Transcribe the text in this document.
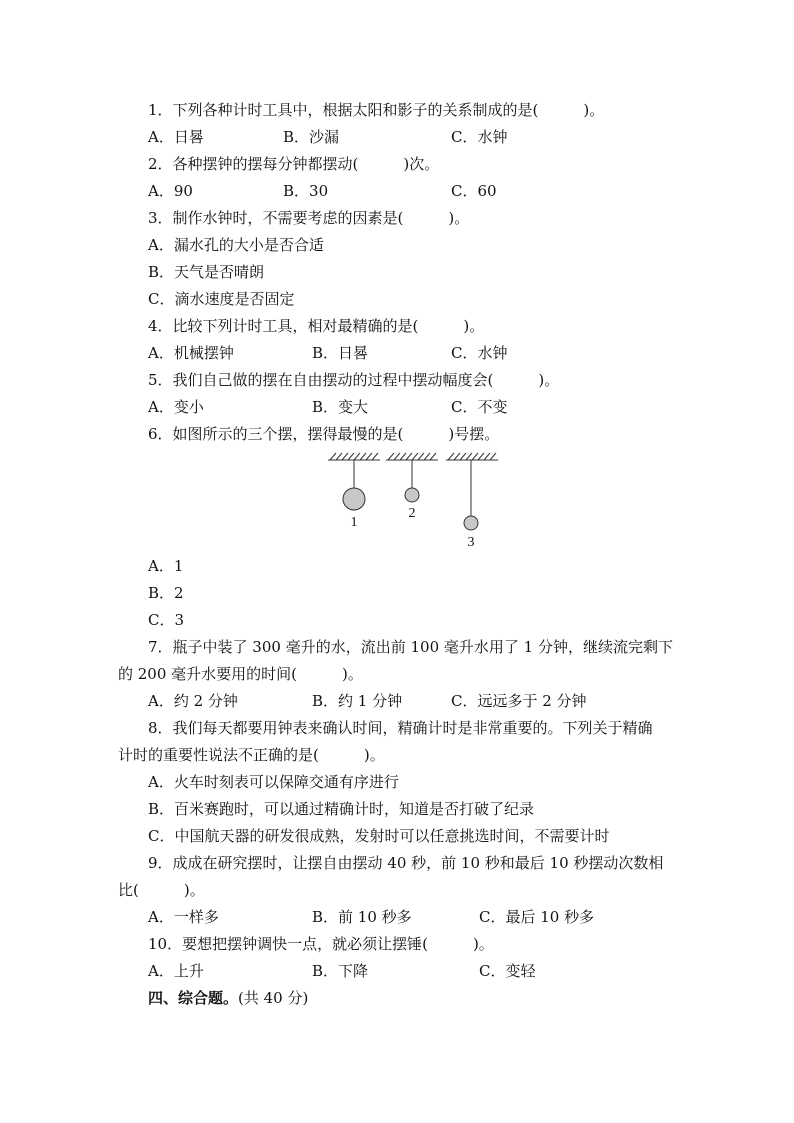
1．下列各种计时工具中，根据太阳和影子的关系制成的是(　　　)。
A．日晷	B．沙漏	C．水钟
2．各种摆钟的摆每分钟都摆动(　　　)次。
A．90	B．30	C．60
3．制作水钟时，不需要考虑的因素是(　　　)。
A．漏水孔的大小是否合适
B．天气是否晴朗
C．滴水速度是否固定
4．比较下列计时工具，相对最精确的是(　　　)。
A．机械摆钟	B．日晷	C．水钟
5．我们自己做的摆在自由摆动的过程中摆动幅度会(　　　)。
A．变小	B．变大	C．不变
6．如图所示的三个摆，摆得最慢的是(　　　)号摆。
1
2
3
A．1
B．2
C．3
7．瓶子中装了 300 毫升的水，流出前 100 毫升水用了 1 分钟，继续流完剩下
的 200 毫升水要用的时间(　　　)。
A．约 2 分钟	B．约 1 分钟	C．远远多于 2 分钟
8．我们每天都要用钟表来确认时间，精确计时是非常重要的。下列关于精确
计时的重要性说法不正确的是(　　　)。
A．火车时刻表可以保障交通有序进行
B．百米赛跑时，可以通过精确计时，知道是否打破了纪录
C．中国航天器的研发很成熟，发射时可以任意挑选时间，不需要计时
9．成成在研究摆时，让摆自由摆动 40 秒，前 10 秒和最后 10 秒摆动次数相
比(　　　)。
A．一样多	B．前 10 秒多	C．最后 10 秒多
10．要想把摆钟调快一点，就必须让摆锤(　　　)。
A．上升	B．下降	C．变轻
四、综合题。(共 40 分)
